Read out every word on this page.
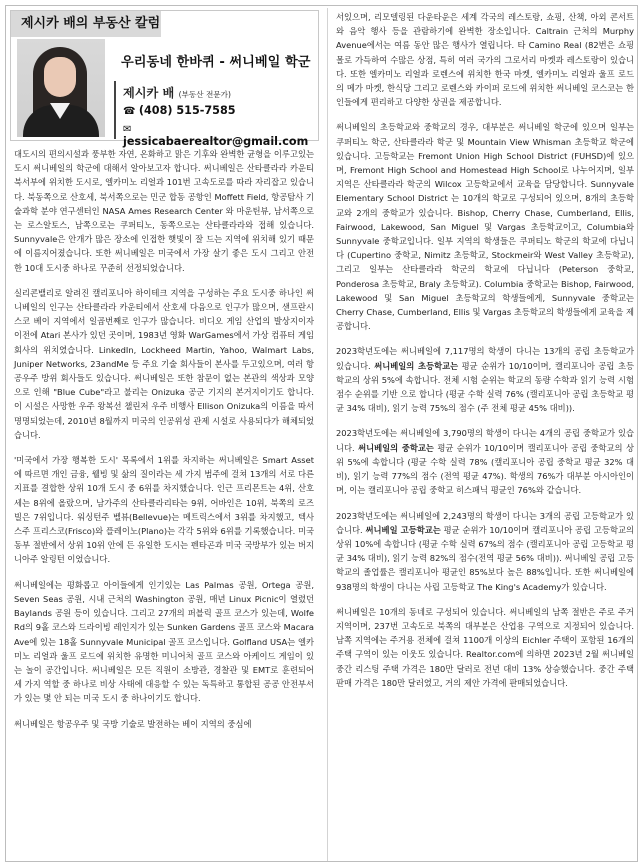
제시카 배의 부동산 칼럼
우리동네 한바퀴 - 써니베일 학군
제시카 배 (부동산 전문가)
☎ (408) 515-7585
✉ jessicabaerealtor@gmail.com

대도시의 편의시설과 풍부한 자연, 온화하고 맑은 기후와 완벽한 균형을 이루고있는 도시 써니베일의 학군에 대해서 알아보고자 합니다. 써니베일은 산타클라라 카운티 북서부에 위치한 도시로, 엘카미노 리얼과 101번 고속도로를 따라 자리잡고 있습니다. 북동쪽으로 산호세, 북서쪽으로는 민군 합동 공항인 Moffett Field, 항공탐사 기술과학 분야 연구센터인 NASA Ames Research Center 와 마운틴뷰, 남서쪽으로는 로스알토스, 남쪽으로는 쿠퍼티노, 동쪽으로는 산타클라라와 접해 있습니다. Sunnyvale은 안개가 많은 장소에 인접한 햇빛이 잘 드는 지역에 위치해 있기 때문에 이름지어졌습니다. 또한 써니베일은 미국에서 가장 살기 좋은 도시 그리고 안전한 10대 도시중 하나로 꾸준히 선정되었습니다.

실리콘밸리로 알려진 캘리포니아 하이테크 지역을 구성하는 주요 도시중 하나인 써니베일의 인구는 산타클라라 카운티에서 산호세 다음으로 인구가 많으며, 샌프란시스코 베이 지역에서 일곱번째로 인구가 많습니다. 비디오 게임 산업의 발상지이자 이전에 Atari 본사가 있던 곳이며, 1983년 영화 WarGames에서 가상 컴퓨터 게임 회사의 위치였습니다. LinkedIn, Lockheed Martin, Yahoo, Walmart Labs, Juniper Networks, 23andMe 등 주요 기술 회사들이 본사를 두고있으며, 여러 항공우주 방위 회사들도 있습니다. 써니베일은 또한 참문이 없는 본관의 색상과 모양으로 인해 "Blue Cube"라고 불리는 Onizuka 공군 기지의 본거지이기도 합니다. 이 시설은 사망한 우주 왕복선 챌린저 우주 비행사 Ellison Onizuka의 이름을 따서 명명되었는데, 2010년 8월까지 미국의 인공위성 관제 시설로 사용되다가 해체되었습니다.

'미국에서 가장 행복한 도시' 목록에서 1위를 차지하는 써니베일은 Smart Asset 에 따르면 개인 금융, 웰빙 및 삶의 질이라는 세 가지 범주에 걸쳐 13개의 서로 다른 지표를 결합한 상위 10개 도시 중 6위를 차지했습니다. 인근 프리몬트는 4위, 산호세는 8위에 올랐으며, 남가주의 산타클라리타는 9위, 어바인은 10위, 북쪽의 로즈빌은 7위입니다. 워싱턴주 벨뷰(Bellevue)는 메트릭스에서 3위를 차지했고, 텍사스주 프리스코(Frisco)와 플레이노(Plano)는 각각 5위와 6위를 기록했습니다. 미국 동부 절반에서 상위 10위 안에 든 유일한 도시는 펜타곤과 미국 국방부가 있는 버지니아주 알링턴 이었습니다.

써니베일에는 평화롭고 아이들에게 인기있는 Las Palmas 공원, Ortega 공원, Seven Seas 공원, 시내 근처의 Washington 공원, 매년 Linux Picnic이 열렸던 Baylands 공원 등이 있습니다. 그리고 27개의 퍼블릭 골프 코스가 있는데, Wolfe Rd의 9홀 코스와 드라이빙 레인지가 있는 Sunken Gardens 골프 코스와 Macara Ave에 있는 18홀 Sunnyvale Municipal 골프 코스입니다. Golfland USA는 엘카미노 리얼과 울프 로드에 위치한 유명한 미니어처 골프 코스와 아케이드 게임이 있는 놀이 공간입니다. 써니베일은 모든 직원이 소방관, 경찰관 및 EMT로 훈련되어 세 가지 역할 중 하나로 비상 사태에 대응할 수 있는 독특하고 통합된 공공 안전부서가 있는 몇 안 되는 미국 도시 중 하나이기도 합니다.

써니베일은 항공우주 및 국방 기술로 발전하는 베이 지역의 중심에

서있으며, 리모델링된 다운타운은 세계 각국의 레스토랑, 쇼핑, 산책, 아외 콘서트와 음악 행사 등을 관람하기에 완벽한 장소입니다. Caltrain 근처의 Murphy Avenue에서는 여름 동안 많은 행사가 열립니다. 타 Camino Real (82번은 쇼핑몰로 가득하여 수많은 상점, 특히 여러 국가의 그로서리 마켓과 레스토랑이 있습니다. 또한 엘카미노 리얼과 로렌스에 위치한 한국 마켓, 엘카미노 리얼과 울프 로드의 메가 마켓, 한식당 그리고 로렌스와 카이퍼 로드에 위치한 써니베일 코스코는 한인들에게 편리하고 다양한 상권을 제공합니다.

써니베일의 초등학교와 중학교의 경우, 대부분은 써니베일 학군에 있으며 일부는 쿠퍼티노 학군, 산타클라라 학군 및 Mountain View Whisman 초등학교 학군에 있습니다. 고등학교는 Fremont Union High School District (FUHSD)에 있으며, Fremont High School and Homestead High School로 나누어지며, 일부 지역은 산타클라라 학군의 Wilcox 고등학교에서 교육을 담당합니다. Sunnyvale Elementary School District 는 10개의 학교로 구성되어 있으며, 8개의 초등학교와 2개의 중학교가 있습니다. Bishop, Cherry Chase, Cumberland, Ellis, Fairwood, Lakewood, San Miguel 및 Vargas 초등학교이고, Columbia와 Sunnyvale 중학교입니다. 일부 지역의 학생들은 쿠퍼티노 학군의 학교에 다닙니다 (Cupertino 중학교, Nimitz 초등학교, Stockmeir와 West Valley 초등학교), 그리고 일부는 산타클라라 학군의 학교에 다닙니다 (Peterson 중학교, Ponderosa 초등학교, Braly 초등학교). Columbia 중학교는 Bishop, Fairwood, Lakewood 및 San Miguel 초등학교의 학생들에게, Sunnyvale 중학교는 Cherry Chase, Cumberland, Ellis 및 Vargas 초등학교의 학생들에게 교육을 제공합니다.

2023학년도에는 써니베일에 7,117명의 학생이 다니는 13개의 공립 초등학교가 있습니다. 써니베일의 초등학교는 평균 순위가 10/10이며, 캘리포니아 공립 초등학교의 상위 5%에 속합니다. 전체 시험 순위는 학교의 동량 수학과 읽기 능력 시험 점수 순위를 기반 으로 합니다 (평균 수학 실력 76% (캘리포니아 공립 초등학교 평균 34% 대비), 읽기 능력 75%의 점수 (주 전체 평균 45% 대비)).

2023학년도에는 써니베일에 3,790명의 학생이 다니는 4개의 공립 중학교가 있습니다. 써니베일의 중학교는 평균 순위가 10/10이며 캘리포니아 공립 중학교의 상위 5%에 속합니다 (평균 수학 실력 78% (캘리포니아 공립 중학교 평균 32% 대비), 읽기 능력 77%의 점수 (전역 평균 47%). 학생의 76%가 대부분 아시아인이며, 이는 캘리포니아 공립 중학교 히스패닉 평균인 76%와 같습니다.

2023학년도에는 써니베일에 2,243명의 학생이 다니는 3개의 공립 고등학교가 있습니다. 써니베일 고등학교는 평균 순위가 10/10이며 캘리포니아 공립 고등학교의 상위 10%에 속합니다 (평균 수학 실력 67%의 점수 (캘리포니아 공립 고등학교 평균 34% 대비), 읽기 능력 82%의 점수(전역 평균 56% 대비)). 써니베일 공립 고등학교의 졸업률은 캘리포니아 평균인 85%보다 높은 88%입니다. 또한 써니베일에 938명의 학생이 다니는 사립 고등학교 The King's Academy가 있습니다.

써니베일은 10개의 동네로 구성되어 있습니다. 써니베일의 남쪽 절반은 주로 주거 지역이며, 237번 고속도로 북쪽의 대부분은 산업용 구역으로 지정되어 있습니다. 남쪽 지역에는 주거용 전체에 걸쳐 1100개 이상의 Eichler 주택이 포함된 16개의 주택 구역이 있는 이웃도 있습니다. Realtor.com에 의하면 2023년 2월 써니베일 중간 리스팅 주택 가격은 180만 달러로 전년 대비 13% 상승했습니다. 중간 주택 판매 가격은 180만 달러였고, 거의 제안 가격에 판매되었습니다.
